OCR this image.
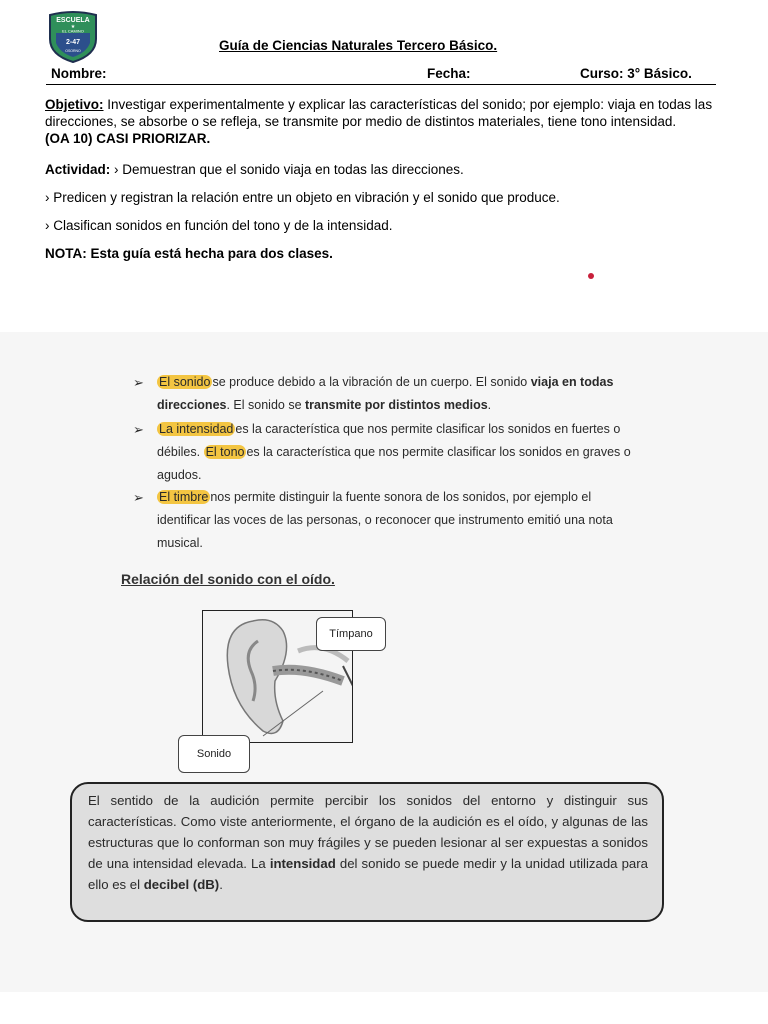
ESCUELA
★
EL CAMINO
2-47
OSORNO	Guía de Ciencias Naturales Tercero Básico.
Nombre:	Fecha:	Curso: 3° Básico.
Objetivo: Investigar experimentalmente y explicar las características del sonido; por ejemplo: viaja en todas las direcciones, se absorbe o se refleja, se transmite por medio de distintos materiales, tiene tono intensidad.
(OA 10) CASI PRIORIZAR.
Actividad: › Demuestran que el sonido viaja en todas las direcciones.
› Predicen y registran la relación entre un objeto en vibración y el sonido que produce.
› Clasifican sonidos en función del tono y de la intensidad.
NOTA: Esta guía está hecha para dos clases.
➢ El sonido se produce debido a la vibración de un cuerpo. El sonido viaja en todas direcciones. El sonido se transmite por distintos medios.
➢ La intensidad es la característica que nos permite clasificar los sonidos en fuertes o débiles. El tono es la característica que nos permite clasificar los sonidos en graves o agudos.
➢ El timbre nos permite distinguir la fuente sonora de los sonidos, por ejemplo el identificar las voces de las personas, o reconocer que instrumento emitió una nota musical.
Relación del sonido con el oído.
Tímpano
Sonido
El sentido de la audición permite percibir los sonidos del entorno y distinguir sus características. Como viste anteriormente, el órgano de la audición es el oído, y algunas de las estructuras que lo conforman son muy frágiles y se pueden lesionar al ser expuestas a sonidos de una intensidad elevada. La intensidad del sonido se puede medir y la unidad utilizada para ello es el decibel (dB).
